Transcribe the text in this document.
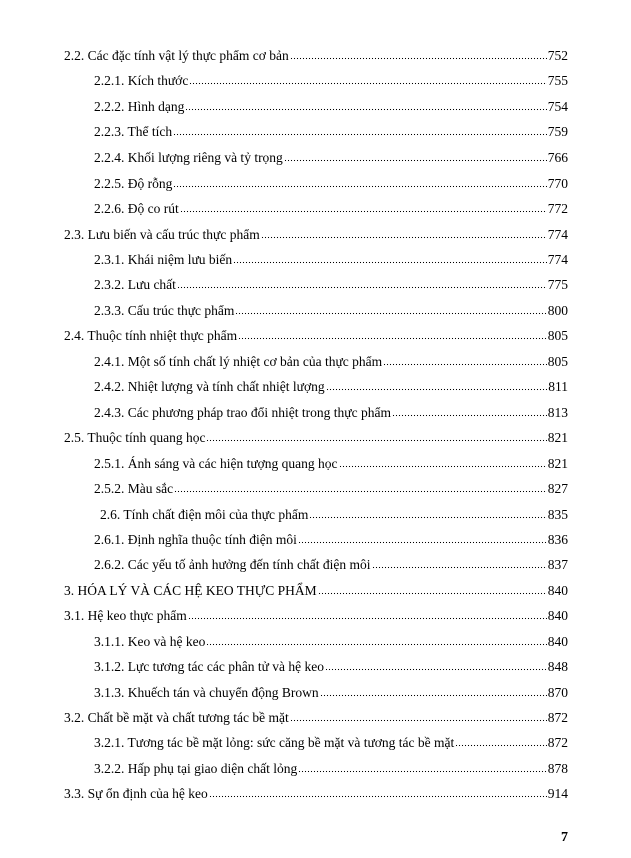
2.2. Các đặc tính vật lý thực phẩm cơ bản	752
2.2.1. Kích thước	755
2.2.2. Hình dạng	754
2.2.3. Thể tích	759
2.2.4. Khối lượng riêng và tỷ trọng	766
2.2.5. Độ rỗng	770
2.2.6. Độ co rút	772
2.3. Lưu biến và cấu trúc thực phẩm	774
2.3.1. Khái niệm lưu biến	774
2.3.2. Lưu chất	775
2.3.3. Cấu trúc thực phẩm	800
2.4. Thuộc tính nhiệt thực phẩm	805
2.4.1. Một số tính chất lý nhiệt cơ bản của thực phẩm	805
2.4.2. Nhiệt lượng và tính chất nhiệt lượng	811
2.4.3. Các phương pháp trao đổi nhiệt trong thực phẩm	813
2.5. Thuộc tính quang học	821
2.5.1. Ánh sáng và các hiện tượng quang học	821
2.5.2. Màu sắc	827
2.6. Tính chất điện môi của thực phẩm	835
2.6.1. Định nghĩa thuộc tính điện môi	836
2.6.2. Các yếu tố ảnh hưởng đến tính chất điện môi	837
3. HÓA LÝ VÀ CÁC HỆ KEO THỰC PHẨM	840
3.1. Hệ keo thực phẩm	840
3.1.1. Keo và hệ keo	840
3.1.2. Lực tương tác các phân tử và hệ keo	848
3.1.3. Khuếch tán và chuyển động Brown	870
3.2. Chất bề mặt và chất tương tác bề mặt	872
3.2.1. Tương tác bề mặt lỏng: sức căng bề mặt và tương tác bề mặt	872
3.2.2. Hấp phụ tại giao diện chất lỏng	878
3.3. Sự ổn định của hệ keo	914
7
